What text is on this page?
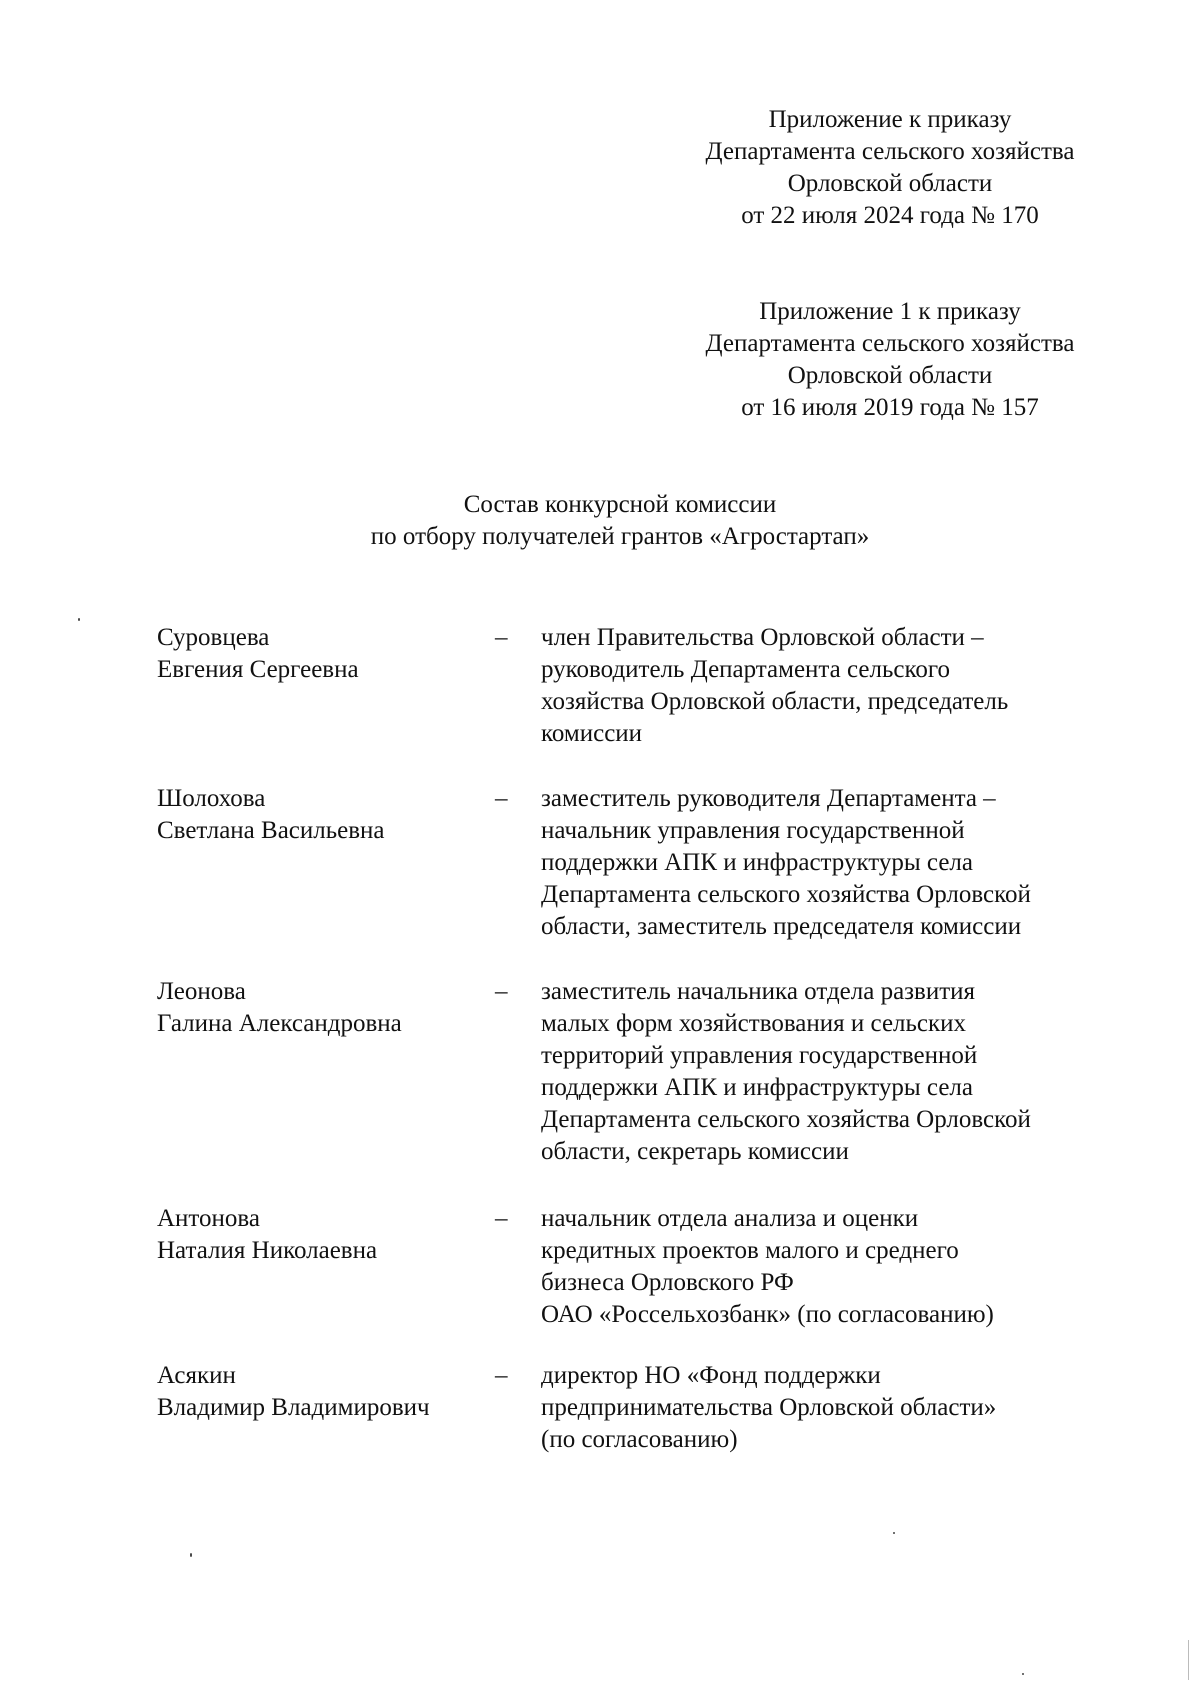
Приложение к приказу
Департамента сельского хозяйства
Орловской области
от 22 июля 2024 года № 170
Приложение 1 к приказу
Департамента сельского хозяйства
Орловской области
от 16 июля 2019 года № 157
Состав конкурсной комиссии
по отбору получателей грантов «Агростартап»
Суровцева
Евгения Сергеевна
– член Правительства Орловской области –
руководитель Департамента сельского
хозяйства Орловской области, председатель
комиссии
Шолохова
Светлана Васильевна
– заместитель руководителя Департамента –
начальник управления государственной
поддержки АПК и инфраструктуры села
Департамента сельского хозяйства Орловской
области, заместитель председателя комиссии
Леонова
Галина Александровна
– заместитель начальника отдела развития
малых форм хозяйствования и сельских
территорий управления государственной
поддержки АПК и инфраструктуры села
Департамента сельского хозяйства Орловской
области, секретарь комиссии
Антонова
Наталия Николаевна
– начальник отдела анализа и оценки
кредитных проектов малого и среднего
бизнеса Орловского РФ
ОАО «Россельхозбанк» (по согласованию)
Асякин
Владимир Владимирович
– директор НО «Фонд поддержки
предпринимательства Орловской области»
(по согласованию)
